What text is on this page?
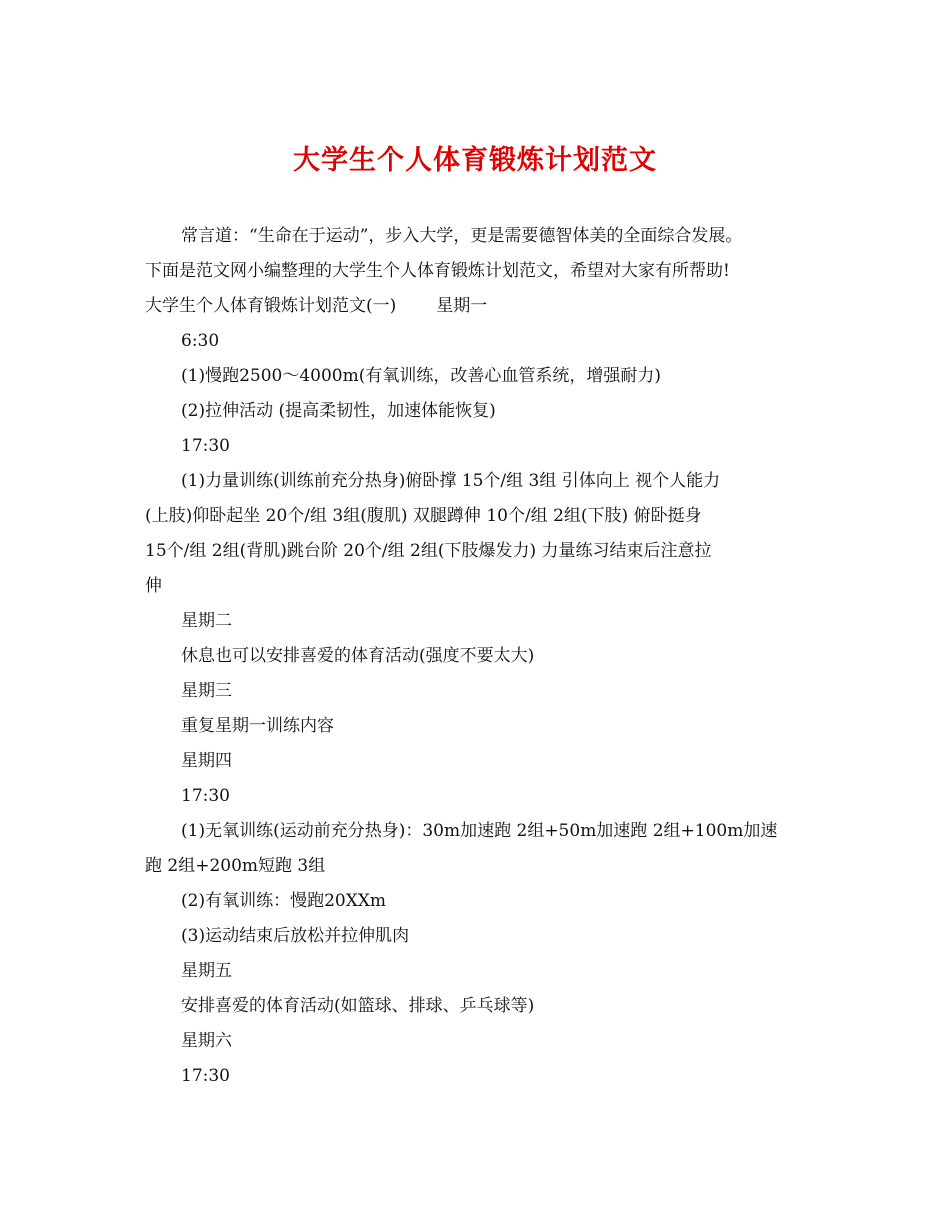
大学生个人体育锻炼计划范文

常言道：“生命在于运动”，步入大学，更是需要德智体美的全面综合发展。

下面是范文网小编整理的大学生个人体育锻炼计划范文，希望对大家有所帮助!

大学生个人体育锻炼计划范文(一) 星期一

6:30

(1)慢跑2500～4000m(有氧训练，改善心血管系统，增强耐力)

(2)拉伸活动 (提高柔韧性，加速体能恢复)

17:30

(1)力量训练(训练前充分热身)俯卧撑 15个/组 3组 引体向上 视个人能力

(上肢)仰卧起坐 20个/组 3组(腹肌) 双腿蹲伸 10个/组 2组(下肢) 俯卧挺身

15个/组 2组(背肌)跳台阶 20个/组 2组(下肢爆发力) 力量练习结束后注意拉

伸

星期二

休息也可以安排喜爱的体育活动(强度不要太大)

星期三

重复星期一训练内容

星期四

17:30

(1)无氧训练(运动前充分热身)：30m加速跑 2组+50m加速跑 2组+100m加速

跑 2组+200m短跑 3组

(2)有氧训练：慢跑20XXm

(3)运动结束后放松并拉伸肌肉

星期五

安排喜爱的体育活动(如篮球、排球、乒乓球等)

星期六

17:30
